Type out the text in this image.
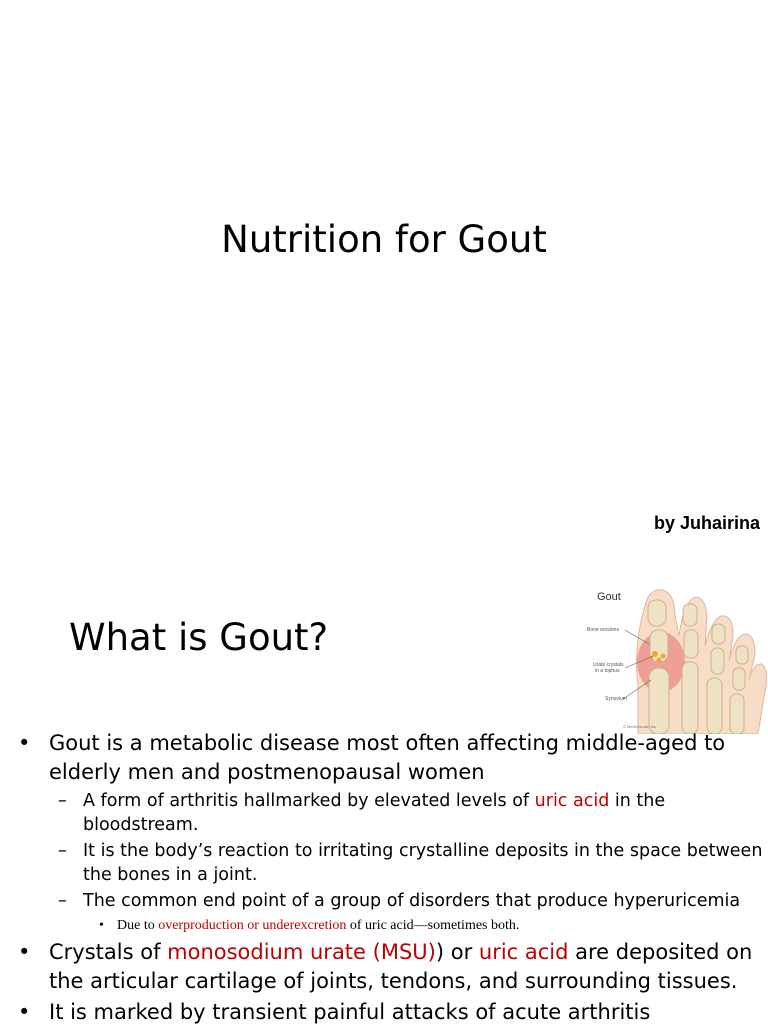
Nutrition for Gout
by Juhairina
What is Gout?
Gout
Bone erosions
Urate crystals
in a tophus
Synovium
© MediVisuals, Inc.
• Gout is a metabolic disease most often affecting middle-aged to elderly men and postmenopausal women
– A form of arthritis hallmarked by elevated levels of uric acid in the bloodstream.
– It is the body’s reaction to irritating crystalline deposits in the space between the bones in a joint.
– The common end point of a group of disorders that produce hyperuricemia
• Due to overproduction or underexcretion of uric acid—sometimes both.
• Crystals of monosodium urate (MSU)) or uric acid are deposited on the articular cartilage of joints, tendons, and surrounding tissues.
• It is marked by transient painful attacks of acute arthritis
